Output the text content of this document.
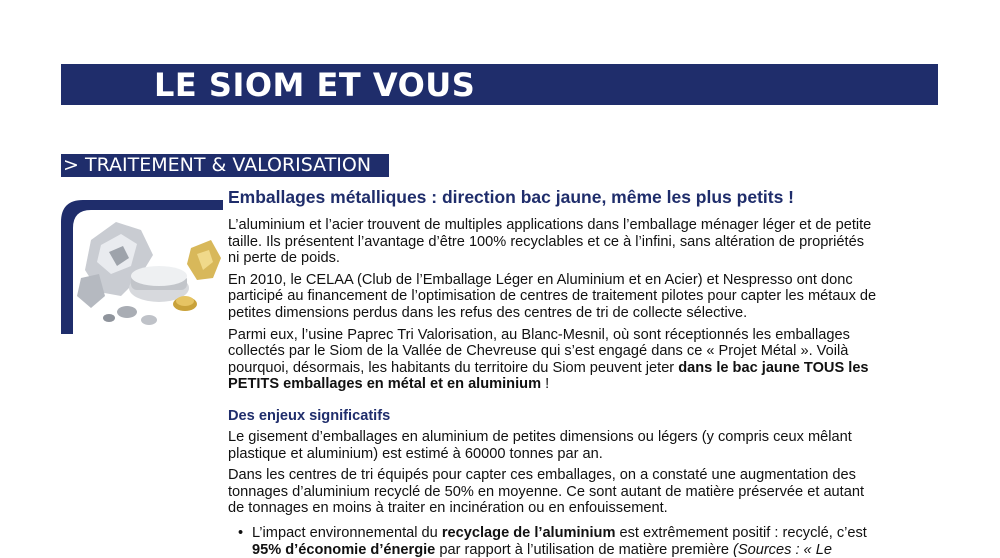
LE SIOM ET VOUS
> TRAITEMENT & VALORISATION
Emballages métalliques : direction bac jaune, même les plus petits !

L’aluminium et l’acier trouvent de multiples applications dans l’emballage ménager léger et de petite taille. Ils présentent l’avantage d’être 100% recyclables et ce à l’infini, sans altération de propriétés ni perte de poids.

En 2010, le CELAA (Club de l’Emballage Léger en Aluminium et en Acier) et Nespresso ont donc participé au financement de l’optimisation de centres de traitement pilotes pour capter les métaux de petites dimensions perdus dans les refus des centres de tri de collecte sélective.

Parmi eux, l’usine Paprec Tri Valorisation, au Blanc-Mesnil, où sont réceptionnés les emballages collectés par le Siom de la Vallée de Chevreuse qui s’est engagé dans ce « Projet Métal ». Voilà pourquoi, désormais, les habitants du territoire du Siom peuvent jeter dans le bac jaune TOUS les PETITS emballages en métal et en aluminium !

Des enjeux significatifs

Le gisement d’emballages en aluminium de petites dimensions ou légers (y compris ceux mêlant plastique et aluminium) est estimé à 60000 tonnes par an.

Dans les centres de tri équipés pour capter ces emballages, on a constaté une augmentation des tonnages d’aluminium recyclé de 50% en moyenne. Ce sont autant de matière préservée et autant de tonnages en moins à traiter en incinération ou en enfouissement.

• L’impact environnemental du recyclage de l’aluminium est extrêmement positif : recyclé, c’est 95% d’économie d’énergie par rapport à l’utilisation de matière première (Sources : « Le
